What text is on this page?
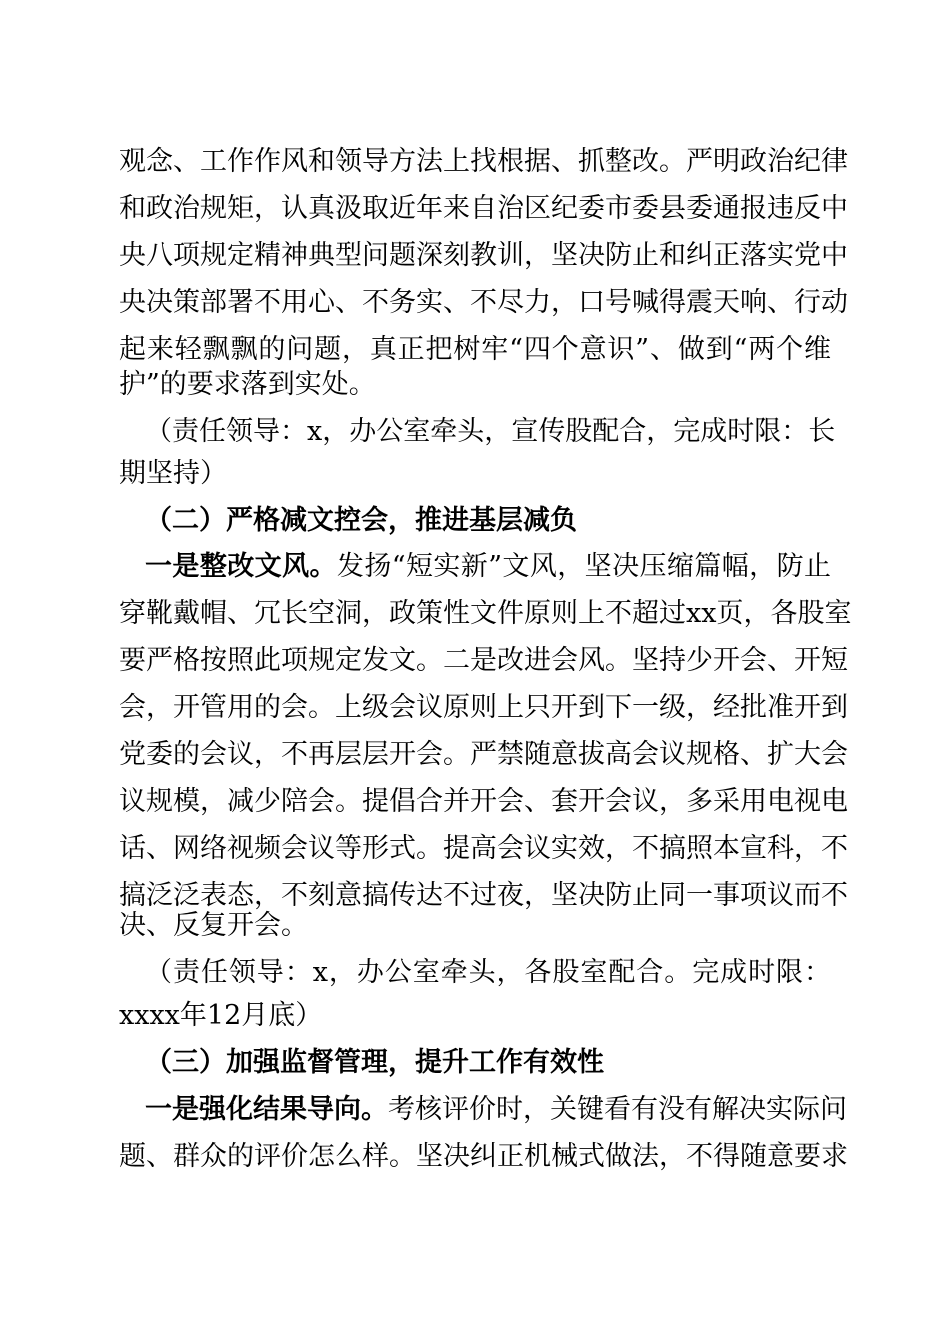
观念、工作作风和领导方法上找根据、抓整改。严明政治纪律
和政治规矩，认真汲取近年来自治区纪委市委县委通报违反中
央八项规定精神典型问题深刻教训，坚决防止和纠正落实党中
央决策部署不用心、不务实、不尽力，口号喊得震天响、行动
起来轻飘飘的问题，真正把树牢“四个意识”、做到“两个维
护”的要求落到实处。
（责任领导：x，办公室牵头，宣传股配合，完成时限：长
期坚持）
（二）严格减文控会，推进基层减负
一是整改文风。发扬“短实新”文风，坚决压缩篇幅，防止
穿靴戴帽、冗长空洞，政策性文件原则上不超过xx页，各股室
要严格按照此项规定发文。二是改进会风。坚持少开会、开短
会，开管用的会。上级会议原则上只开到下一级，经批准开到
党委的会议，不再层层开会。严禁随意拔高会议规格、扩大会
议规模，减少陪会。提倡合并开会、套开会议，多采用电视电
话、网络视频会议等形式。提高会议实效，不搞照本宣科，不
搞泛泛表态，不刻意搞传达不过夜，坚决防止同一事项议而不
决、反复开会。
（责任领导：x，办公室牵头，各股室配合。完成时限：
xxxx年12月底）
（三）加强监督管理，提升工作有效性
一是强化结果导向。考核评价时，关键看有没有解决实际问
题、群众的评价怎么样。坚决纠正机械式做法，不得随意要求
